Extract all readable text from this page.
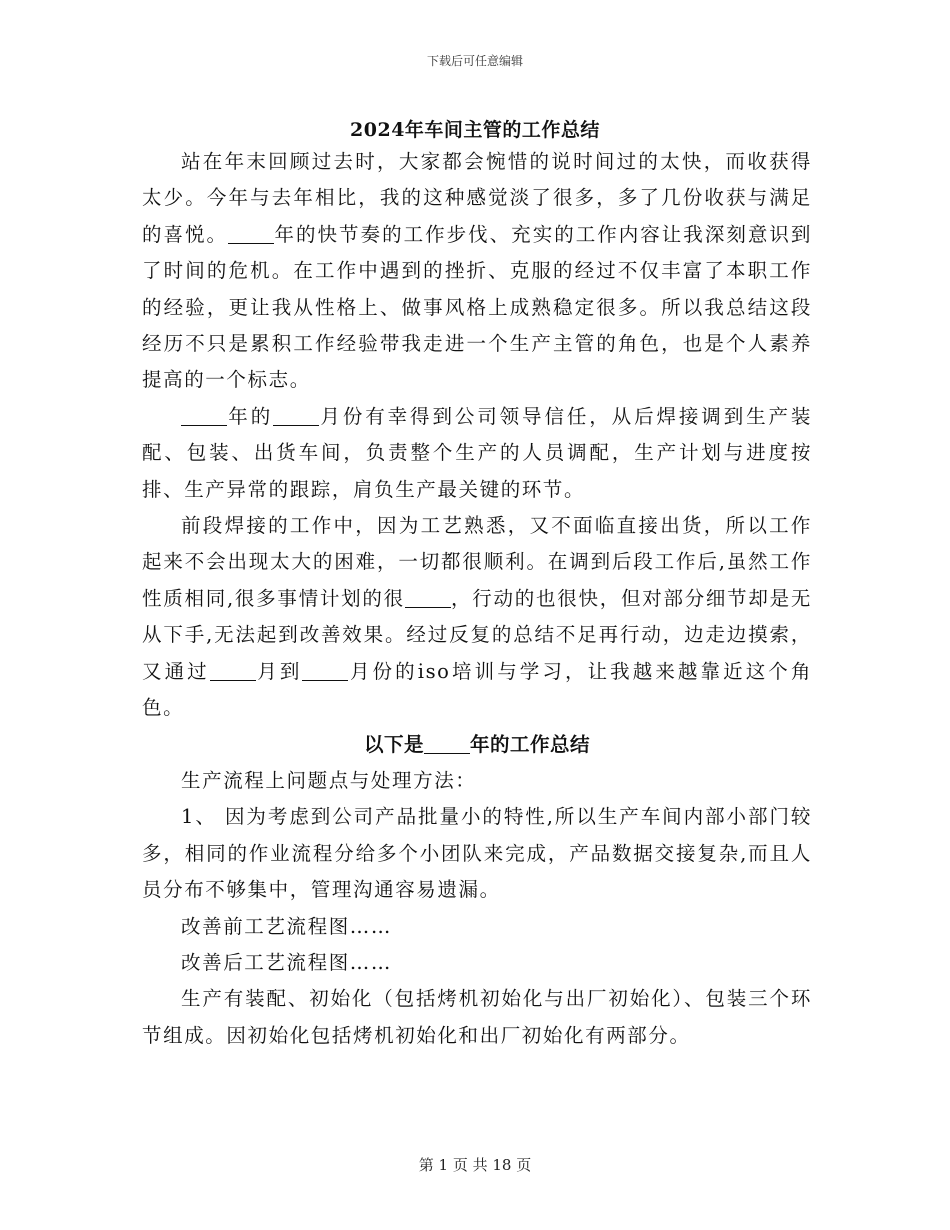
下载后可任意编辑
2024年车间主管的工作总结

站在年末回顾过去时，大家都会惋惜的说时间过的太快，而收获得太少。今年与去年相比，我的这种感觉淡了很多，多了几份收获与满足的喜悦。 年的快节奏的工作步伐、充实的工作内容让我深刻意识到了时间的危机。在工作中遇到的挫折、克服的经过不仅丰富了本职工作的经验，更让我从性格上、做事风格上成熟稳定很多。所以我总结这段经历不只是累积工作经验带我走进一个生产主管的角色，也是个人素养提高的一个标志。

年的 月份有幸得到公司领导信任，从后焊接调到生产装配、包装、出货车间，负责整个生产的人员调配，生产计划与进度按排、生产异常的跟踪，肩负生产最关键的环节。

前段焊接的工作中，因为工艺熟悉，又不面临直接出货，所以工作起来不会出现太大的困难，一切都很顺利。在调到后段工作后,虽然工作性质相同,很多事情计划的很 ，行动的也很快，但对部分细节却是无从下手,无法起到改善效果。经过反复的总结不足再行动，边走边摸索，又通过 月到 月份的iso培训与学习，让我越来越靠近这个角色。

以下是 年的工作总结

生产流程上问题点与处理方法：

1、 因为考虑到公司产品批量小的特性,所以生产车间内部小部门较多，相同的作业流程分给多个小团队来完成，产品数据交接复杂,而且人员分布不够集中，管理沟通容易遗漏。

改善前工艺流程图……

改善后工艺流程图……

生产有装配、初始化（包括烤机初始化与出厂初始化）、包装三个环节组成。因初始化包括烤机初始化和出厂初始化有两部分。

第 1 页 共 18 页
